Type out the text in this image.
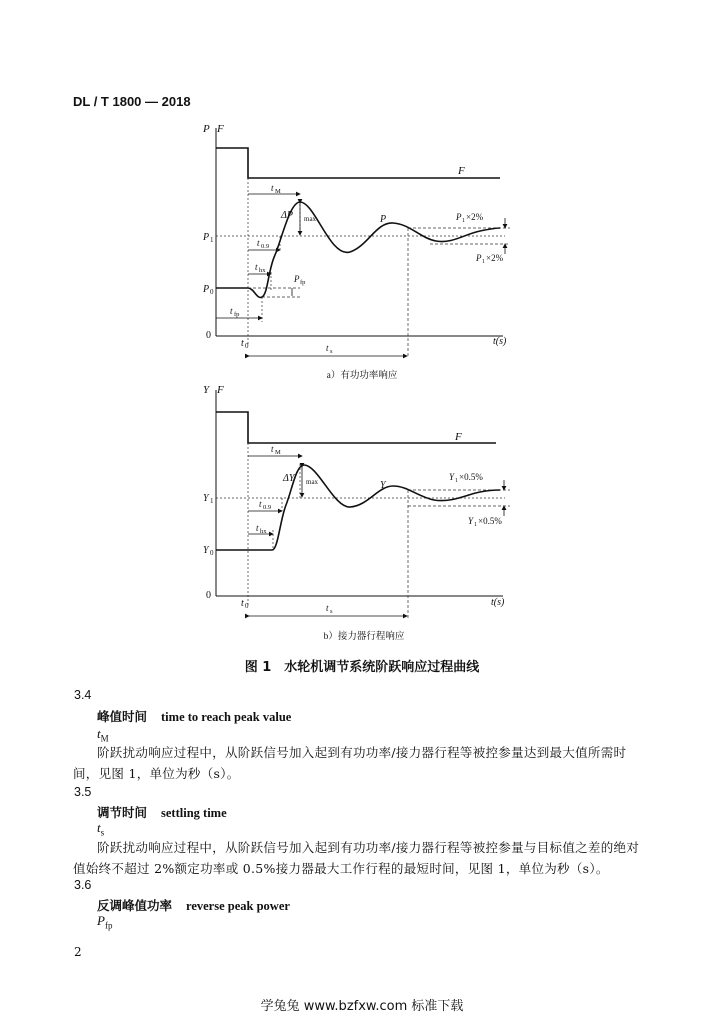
DL / T 1800 — 2018
P F
F
P 1
P 0
0
t 0	t(s)
t M
t 0.9
t hx
t fp
ΔP max	P
P fp
P 1 ×2%
P 1 ×2%
t s
a）有功功率响应
Y F
F
Y 1
Y 0
0
t 0	t(s)
t M
t 0.9
t hx
ΔY max	Y
Y 1 ×0.5%
Y 1 ×0.5%
t s
b）接力器行程响应
图 1　水轮机调节系统阶跃响应过程曲线
3.4
峰值时间 time to reach peak value
$t_M$
阶跃扰动响应过程中，从阶跃信号加入起到有功功率/接力器行程等被控参量达到最大值所需时
间，见图 1，单位为秒（s）。
3.5
调节时间 settling time
$t_s$
阶跃扰动响应过程中，从阶跃信号加入起到有功功率/接力器行程等被控参量与目标值之差的绝对
值始终不超过 2%额定功率或 0.5%接力器最大工作行程的最短时间，见图 1，单位为秒（s）。
3.6
反调峰值功率 reverse peak power
$P_{fp}$
2
学兔兔 www.bzfxw.com 标准下载
